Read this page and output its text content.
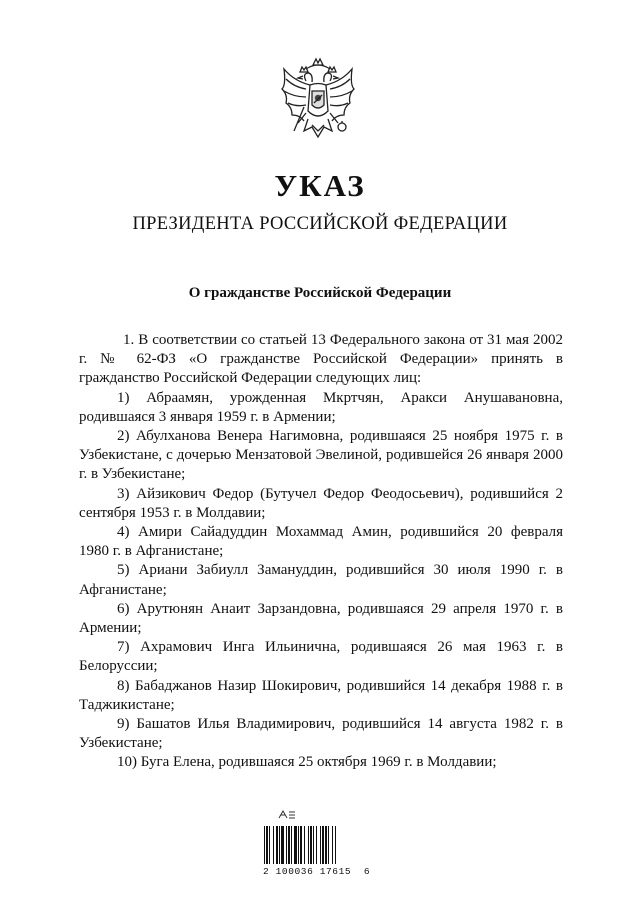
УКАЗ
ПРЕЗИДЕНТА РОССИЙСКОЙ ФЕДЕРАЦИИ
О гражданстве Российской Федерации

1. В соответствии со статьей 13 Федерального закона от 31 мая 2002 г. № 62-ФЗ «О гражданстве Российской Федерации» принять в гражданство Российской Федерации следующих лиц:

1) Абраамян, урожденная Мкртчян, Аракси Анушавановна, родившаяся 3 января 1959 г. в Армении;

2) Абулханова Венера Нагимовна, родившаяся 25 ноября 1975 г. в Узбекистане, с дочерью Мензатовой Эвелиной, родившейся 26 января 2000 г. в Узбекистане;

3) Айзикович Федор (Бутучел Федор Феодосьевич), родившийся 2 сентября 1953 г. в Молдавии;

4) Амири Сайадуддин Мохаммад Амин, родившийся 20 февраля 1980 г. в Афганистане;

5) Ариани Забиулл Замануддин, родившийся 30 июля 1990 г. в Афганистане;

6) Арутюнян Анаит Зарзандовна, родившаяся 29 апреля 1970 г. в Армении;

7) Ахрамович Инга Ильинична, родившаяся 26 мая 1963 г. в Белоруссии;

8) Бабаджанов Назир Шокирович, родившийся 14 декабря 1988 г. в Таджикистане;

9) Башатов Илья Владимирович, родившийся 14 августа 1982 г. в Узбекистане;

10) Буга Елена, родившаяся 25 октября 1969 г. в Молдавии;

2 100036 17615  6
